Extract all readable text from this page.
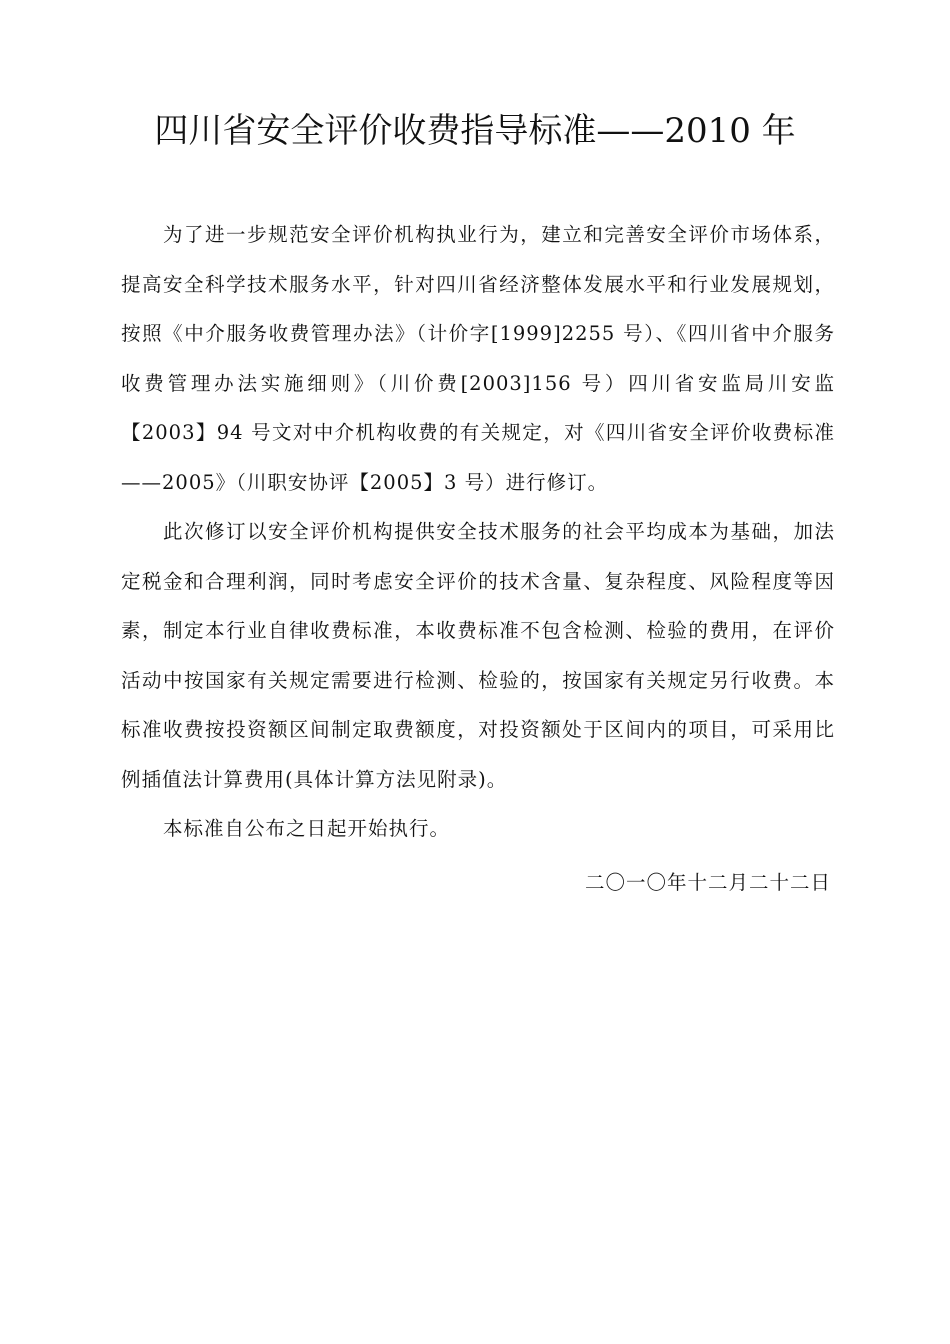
四川省安全评价收费指导标准——2010 年

为了进一步规范安全评价机构执业行为，建立和完善安全评价市场体系，提高安全科学技术服务水平，针对四川省经济整体发展水平和行业发展规划，按照《中介服务收费管理办法》（计价字[1999]2255 号）、《四川省中介服务收费管理办法实施细则》（川价费[2003]156 号）四川省安监局川安监【2003】94 号文对中介机构收费的有关规定，对《四川省安全评价收费标准——2005》（川职安协评【2005】3 号）进行修订。

此次修订以安全评价机构提供安全技术服务的社会平均成本为基础，加法定税金和合理利润，同时考虑安全评价的技术含量、复杂程度、风险程度等因素，制定本行业自律收费标准，本收费标准不包含检测、检验的费用，在评价活动中按国家有关规定需要进行检测、检验的，按国家有关规定另行收费。本标准收费按投资额区间制定取费额度，对投资额处于区间内的项目，可采用比例插值法计算费用(具体计算方法见附录)。

本标准自公布之日起开始执行。

二〇一〇年十二月二十二日
